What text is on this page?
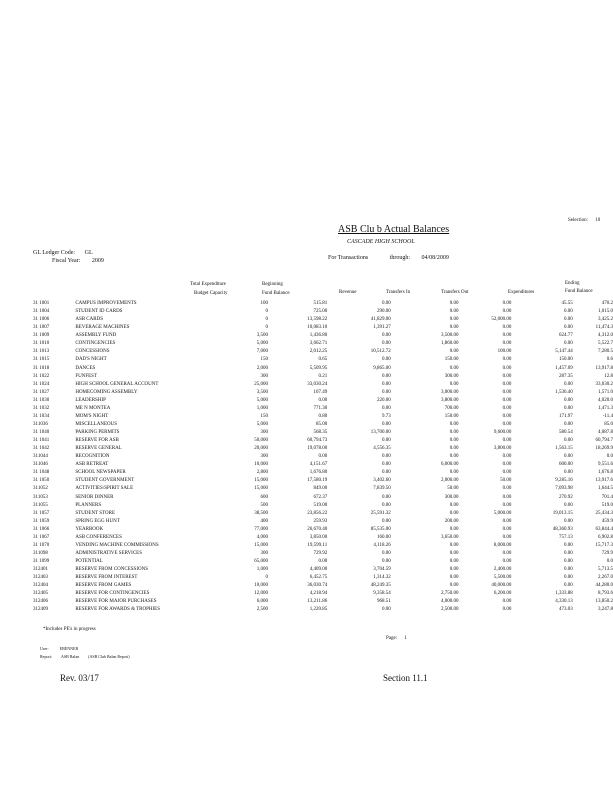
Selection: 10
ASB Clu b Actual Balances
CASCADE HIGH SCHOOL
GL Ledger Code: GL
For Transactions	through: 04/08/2009
Fiscal Year: 2009
Total Expenditure
Budget Capacity
Beginning
Fund Balance	Revenue	Transfers In	Transfers Out	Expenditures
Ending
Fund Balance
31 1001	CAMPUS IMPROVEMENTS	100	515.81	0.00	0.00	0.00	45.55	470.2
31 1004	STUDENT ID CARDS	0	725.00	290.00	0.00	0.00	0.00	1,015.0
31 1006	ASB CARDS	0	13,598.22	41,829.00	0.00	52,000.00	0.00	3,425.2
31 1007	BEVERAGE MACHINES	0	10,083.10	1,391.27	0.00	0.00	0.00	11,474.3
31 1009	ASSEMBLY FUND	3,500	1,436.80	0.00	3,500.00	0.00	624.77	4,312.0
31 1010	CONTINGENCIES	5,000	3,662.71	0.00	1,860.00	0.00	0.00	5,522.7
31 1013	CONCESSIONS	7,000	2,012.25	10,512.72	0.00	100.00	5,147.44	7,280.5
31 1015	DAD'S NIGHT	150	0.65	0.00	150.00	0.00	150.00	0.6
31 1018	DANCES	2,000	5,509.95	9,865.00	0.00	0.00	1,457.09	13,917.8
31 1022	FUNFEST	300	0.21	0.00	300.00	0.00	287.35	12.8
31 1024	HIGH SCHOOL GENERAL ACCOUNT	25,000	33,030.24	0.00	0.00	0.00	0.00	33,030.2
31 1027	HOMECOMING ASSEMBLY	3,500	107.49	0.00	3,000.00	0.00	1,536.40	1,571.0
31 1030	LEADERSHIP	5,000	0.00	220.00	3,800.00	0.00	0.00	4,020.0
31 1032	ME N MONTEA	1,000	771.30	0.00	700.00	0.00	0.00	1,471.3
31 1034	MOM'S NIGHT	150	0.80	9.73	150.00	0.00	171.97	-11.4
311036	MISCELLANEOUS	5,000	85.00	0.00	0.00	0.00	0.00	85.0
31 1040	PARKING PERMITS	300	568.35	13,700.00	0.00	9,600.00	580.54	4,087.8
31 1041	RESERVE FOR ASB	50,000	60,794.73	0.00	0.00	0.00	0.00	60,794.7
31 1042	RESERVE GENERAL	20,000	19,078.00	4,556.35	0.00	3,800.00	1,563.15	18,269.9
311044	RECOGNITION	300	0.00	0.00	0.00	0.00	0.00	0.0
311046	ASB RETREAT	10,000	4,151.67	0.00	6,000.00	0.00	600.00	9,551.6
31 1048	SCHOOL NEWSPAPER	2,800	1,676.80	0.00	0.00	0.00	0.00	1,676.8
31 1050	STUDENT GOVERNMENT	15,000	17,580.19	3,402.60	2,000.00	50.00	9,285.16	13,917.6
311052	ACTIVITIES/SPIRIT SALE	15,000	849.00	7,839.50	50.00	0.00	7,093.98	1,644.5
311053	SENIOR DINNER	600	672.37	0.00	300.00	0.00	270.92	701.4
311055	PLANNERS	500	519.00	0.00	0.00	0.00	0.00	519.0
31 1057	STUDENT STORE	38,500	23,856.22	25,591.32	0.00	5,000.00	19,013.15	25,434.3
31 1059	SPRING EGG HUNT	400	259.93	0.00	200.00	0.00	0.00	459.9
31 1066	YEARBOOK	77,000	26,670.40	85,535.00	0.00	0.00	48,360.93	63,844.4
31 1067	ASB CONFERENCES	4,000	3,850.00	160.00	3,650.00	0.00	757.13	6,902.8
31 1070	VENDING MACHINE COMMISSIONS	15,000	19,599.11	4,118.26	0.00	8,000.00	0.00	15,717.3
311098	ADMINISTRATIVE SERVICES	300	729.92	0.00	0.00	0.00	0.00	729.9
31 1099	POTENTIAL	65,000	0.00	0.00	0.00	0.00	0.00	0.0
312401	RESERVE FROM CONCESSIONS	1,000	4,409.00	3,704.59	0.00	2,400.00	0.00	5,713.5
312403	RESERVE FROM INTEREST	0	6,452.75	1,314.32	0.00	5,500.00	0.00	2,267.0
312404	RESERVE FROM GAMES	10,000	36,030.74	48,249.35	0.00	40,000.00	0.00	44,280.0
312405	RESERVE FOR CONTINGENCIES	12,000	4,218.94	9,358.54	2,750.00	6,200.00	1,333.88	8,793.6
312406	RESERVE FOR MAJOR PURCHASES	6,000	13,211.86	968.51	4,000.00	0.00	4,330.13	13,850.2
312409	RESERVE FOR AWARDS & TROPHIES	2,500	1,220.85	0.00	2,500.00	0.00	473.03	3,247.8
*Includes PE's in progress
Page: 1
User:	EBENNER
Report: ASB Balan (ASB Club Balan Report)
Rev. 03/17	Section 11.1
